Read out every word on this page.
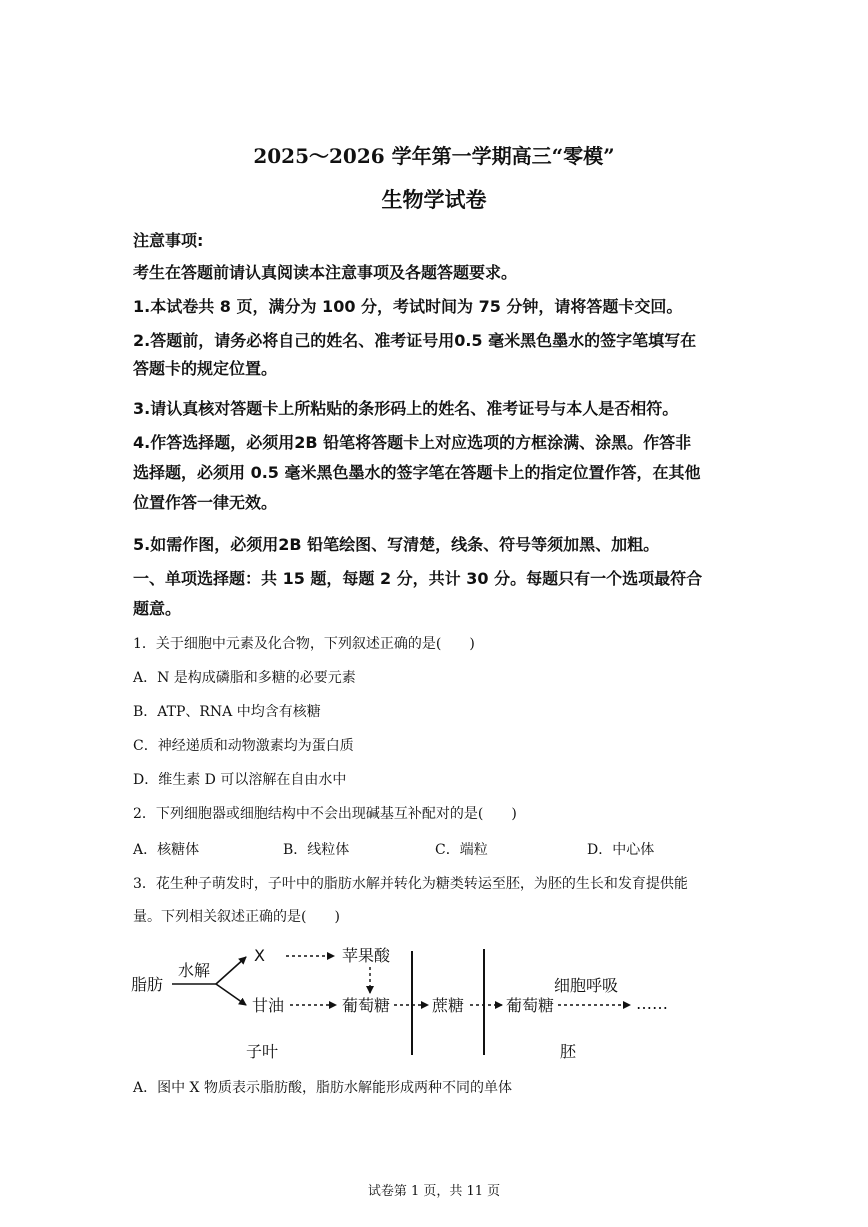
2025～2026 学年第一学期高三“零模”
生物学试卷
注意事项:
考生在答题前请认真阅读本注意事项及各题答题要求。
1.本试卷共 8 页，满分为 100 分，考试时间为 75 分钟，请将答题卡交回。
2.答题前，请务必将自己的姓名、准考证号用0.5 毫米黑色墨水的签字笔填写在
答题卡的规定位置。
3.请认真核对答题卡上所粘贴的条形码上的姓名、准考证号与本人是否相符。
4.作答选择题，必须用2B 铅笔将答题卡上对应选项的方框涂满、涂黑。作答非
选择题，必须用 0.5 毫米黑色墨水的签字笔在答题卡上的指定位置作答，在其他
位置作答一律无效。
5.如需作图，必须用2B 铅笔绘图、写清楚，线条、符号等须加黑、加粗。
一、单项选择题：共 15 题，每题 2 分，共计 30 分。每题只有一个选项最符合
题意。
1．关于细胞中元素及化合物，下列叙述正确的是(　　)
A．N 是构成磷脂和多糖的必要元素
B．ATP、RNA 中均含有核糖
C．神经递质和动物激素均为蛋白质
D．维生素 D 可以溶解在自由水中
2．下列细胞器或细胞结构中不会出现碱基互补配对的是(　　)
A．核糖体	B．线粒体	C．端粒	D．中心体
3．花生种子萌发时，子叶中的脂肪水解并转化为糖类转运至胚，为胚的生长和发育提供能
量。下列相关叙述正确的是(　　)
脂肪
水解
X	苹果酸
甘油	葡萄糖	蔗糖	葡萄糖
细胞呼吸
……
子叶	胚
A．图中 X 物质表示脂肪酸，脂肪水解能形成两种不同的单体
试卷第 1 页，共 11 页
